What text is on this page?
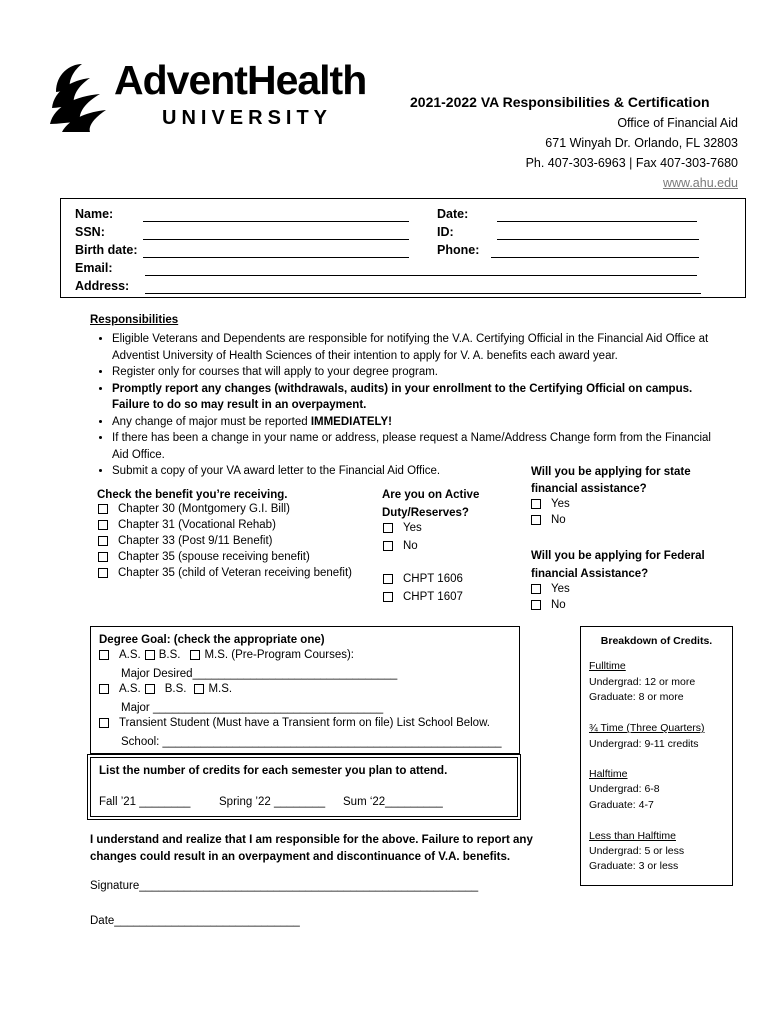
AdventHealth
UNIVERSITY
2021-2022 VA Responsibilities & Certification
Office of Financial Aid
671 Winyah Dr. Orlando, FL 32803
Ph. 407-303-6963 | Fax 407-303-7680
www.ahu.edu
Name:
SSN:
Birth date:
Email:
Address:
Date:
ID:
Phone:
Responsibilities
• Eligible Veterans and Dependents are responsible for notifying the V.A. Certifying Official in the Financial Aid Office at Adventist University of Health Sciences of their intention to apply for V. A. benefits each award year.
• Register only for courses that will apply to your degree program.
• Promptly report any changes (withdrawals, audits) in your enrollment to the Certifying Official on campus. Failure to do so may result in an overpayment.
• Any change of major must be reported IMMEDIATELY!
• If there has been a change in your name or address, please request a Name/Address Change form from the Financial Aid Office.
• Submit a copy of your VA award letter to the Financial Aid Office.
Check the benefit you’re receiving.
Chapter 30 (Montgomery G.I. Bill)
Chapter 31 (Vocational Rehab)
Chapter 33 (Post 9/11 Benefit)
Chapter 35 (spouse receiving benefit)
Chapter 35 (child of Veteran receiving benefit)
Are you on Active
Duty/Reserves?
Yes
No
CHPT 1606
CHPT 1607
Will you be applying for state
financial assistance?
Yes
No
Will you be applying for Federal
financial Assistance?
Yes
No
Degree Goal: (check the appropriate one)
A.S. B.S. M.S. (Pre-Program Courses):
Major Desired________________________________
A.S. B.S. M.S.
Major ____________________________________
Transient Student (Must have a Transient form on file) List School Below.
School: _____________________________________________________
List the number of credits for each semester you plan to attend.
Fall ’21 ________ Spring ’22 ________ Sum ‘22_________
I understand and realize that I am responsible for the above. Failure to report any changes could result in an overpayment and discontinuance of V.A. benefits.
Signature_____________________________________________________
Date_____________________________
Breakdown of Credits.
Fulltime
Undergrad: 12 or more
Graduate: 8 or more
¾ Time (Three Quarters)
Undergrad: 9-11 credits
Halftime
Undergrad: 6-8
Graduate: 4-7
Less than Halftime
Undergrad: 5 or less
Graduate: 3 or less
